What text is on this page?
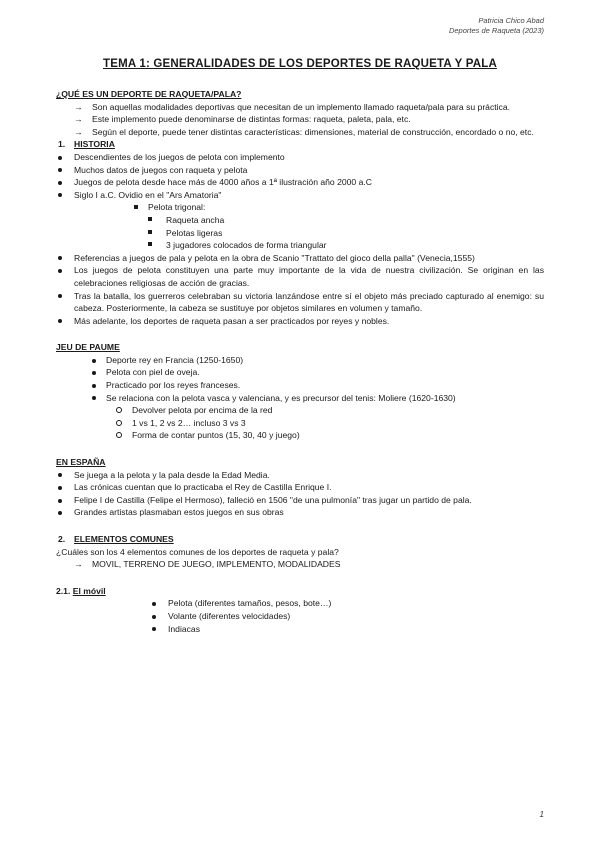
Patricia Chico Abad
Deportes de Raqueta (2023)
TEMA 1: GENERALIDADES DE LOS DEPORTES DE RAQUETA Y PALA

¿QUÉ ES UN DEPORTE DE RAQUETA/PALA?

→ Son aquellas modalidades deportivas que necesitan de un implemento llamado raqueta/pala para su práctica.

→ Este implemento puede denominarse de distintas formas: raqueta, paleta, pala, etc.

→ Según el deporte, puede tener distintas características: dimensiones, material de construcción, encordado o no, etc.

1. HISTORIA

Descendientes de los juegos de pelota con implemento

Muchos datos de juegos con raqueta y pelota

Juegos de pelota desde hace más de 4000 años a 1ª ilustración año 2000 a.C

Siglo I a.C. Ovidio en el "Ars Amatoria"

Pelota trigonal:

Raqueta ancha

Pelotas ligeras

3 jugadores colocados de forma triangular

Referencias a juegos de pala y pelota en la obra de Scanio "Trattato del gioco della palla" (Venecia,1555)

Los juegos de pelota constituyen una parte muy importante de la vida de nuestra civilización. Se originan en las celebraciones religiosas de acción de gracias.

Tras la batalla, los guerreros celebraban su victoria lanzándose entre sí el objeto más preciado capturado al enemigo: su cabeza. Posteriormente, la cabeza se sustituye por objetos similares en volumen y tamaño.

Más adelante, los deportes de raqueta pasan a ser practicados por reyes y nobles.

JEU DE PAUME

Deporte rey en Francia (1250-1650)

Pelota con piel de oveja.

Practicado por los reyes franceses.

Se relaciona con la pelota vasca y valenciana, y es precursor del tenis: Moliere (1620-1630)

Devolver pelota por encima de la red

1 vs 1, 2 vs 2… incluso 3 vs 3

Forma de contar puntos (15, 30, 40 y juego)

EN ESPAÑA

Se juega a la pelota y la pala desde la Edad Media.

Las crónicas cuentan que lo practicaba el Rey de Castilla Enrique I.

Felipe I de Castilla (Felipe el Hermoso), falleció en 1506 "de una pulmonía" tras jugar un partido de pala.

Grandes artistas plasmaban estos juegos en sus obras

2. ELEMENTOS COMUNES

¿Cuáles son los 4 elementos comunes de los deportes de raqueta y pala?

→ MOVIL, TERRENO DE JUEGO, IMPLEMENTO, MODALIDADES

2.1. El móvil

Pelota (diferentes tamaños, pesos, bote…)

Volante (diferentes velocidades)

Indiacas

1
